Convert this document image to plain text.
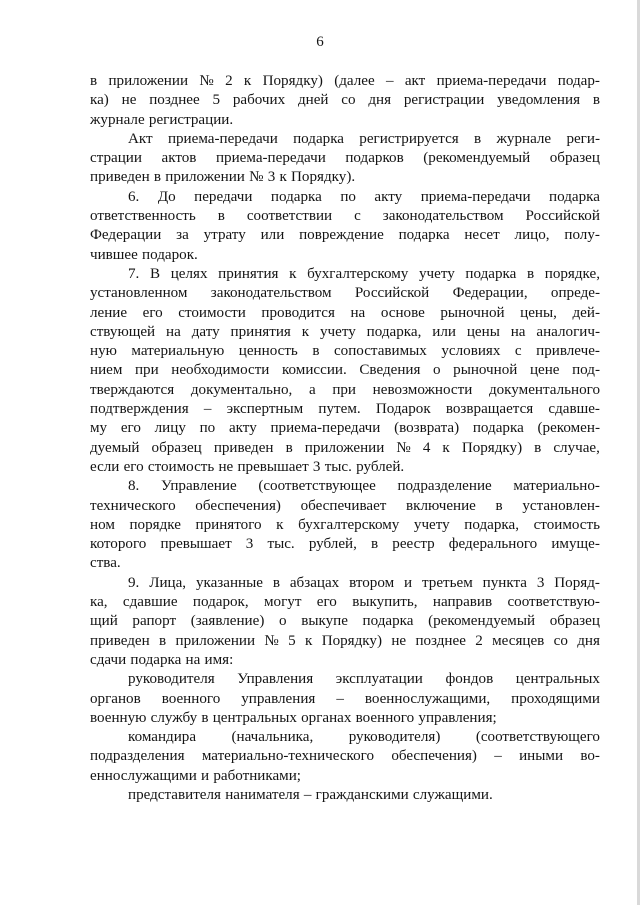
6
в приложении № 2 к Порядку) (далее – акт приема-передачи подар-
ка) не позднее 5 рабочих дней со дня регистрации уведомления в
журнале регистрации.
Акт приема-передачи подарка регистрируется в журнале реги-
страции актов приема-передачи подарков (рекомендуемый образец
приведен в приложении № 3 к Порядку).
6. До передачи подарка по акту приема-передачи подарка
ответственность в соответствии с законодательством Российской
Федерации за утрату или повреждение подарка несет лицо, полу-
чившее подарок.
7. В целях принятия к бухгалтерскому учету подарка в порядке,
установленном законодательством Российской Федерации, опреде-
ление его стоимости проводится на основе рыночной цены, дей-
ствующей на дату принятия к учету подарка, или цены на аналогич-
ную материальную ценность в сопоставимых условиях с привлече-
нием при необходимости комиссии. Сведения о рыночной цене под-
тверждаются документально, а при невозможности документального
подтверждения – экспертным путем. Подарок возвращается сдавше-
му его лицу по акту приема-передачи (возврата) подарка (рекомен-
дуемый образец приведен в приложении № 4 к Порядку) в случае,
если его стоимость не превышает 3 тыс. рублей.
8. Управление (соответствующее подразделение материально-
технического обеспечения) обеспечивает включение в установлен-
ном порядке принятого к бухгалтерскому учету подарка, стоимость
которого превышает 3 тыс. рублей, в реестр федерального имуще-
ства.
9. Лица, указанные в абзацах втором и третьем пункта 3 Поряд-
ка, сдавшие подарок, могут его выкупить, направив соответствую-
щий рапорт (заявление) о выкупе подарка (рекомендуемый образец
приведен в приложении № 5 к Порядку) не позднее 2 месяцев со дня
сдачи подарка на имя:
руководителя Управления эксплуатации фондов центральных
органов военного управления – военнослужащими, проходящими
военную службу в центральных органах военного управления;
командира (начальника, руководителя) (соответствующего
подразделения материально-технического обеспечения) – иными во-
еннослужащими и работниками;
представителя нанимателя – гражданскими служащими.
